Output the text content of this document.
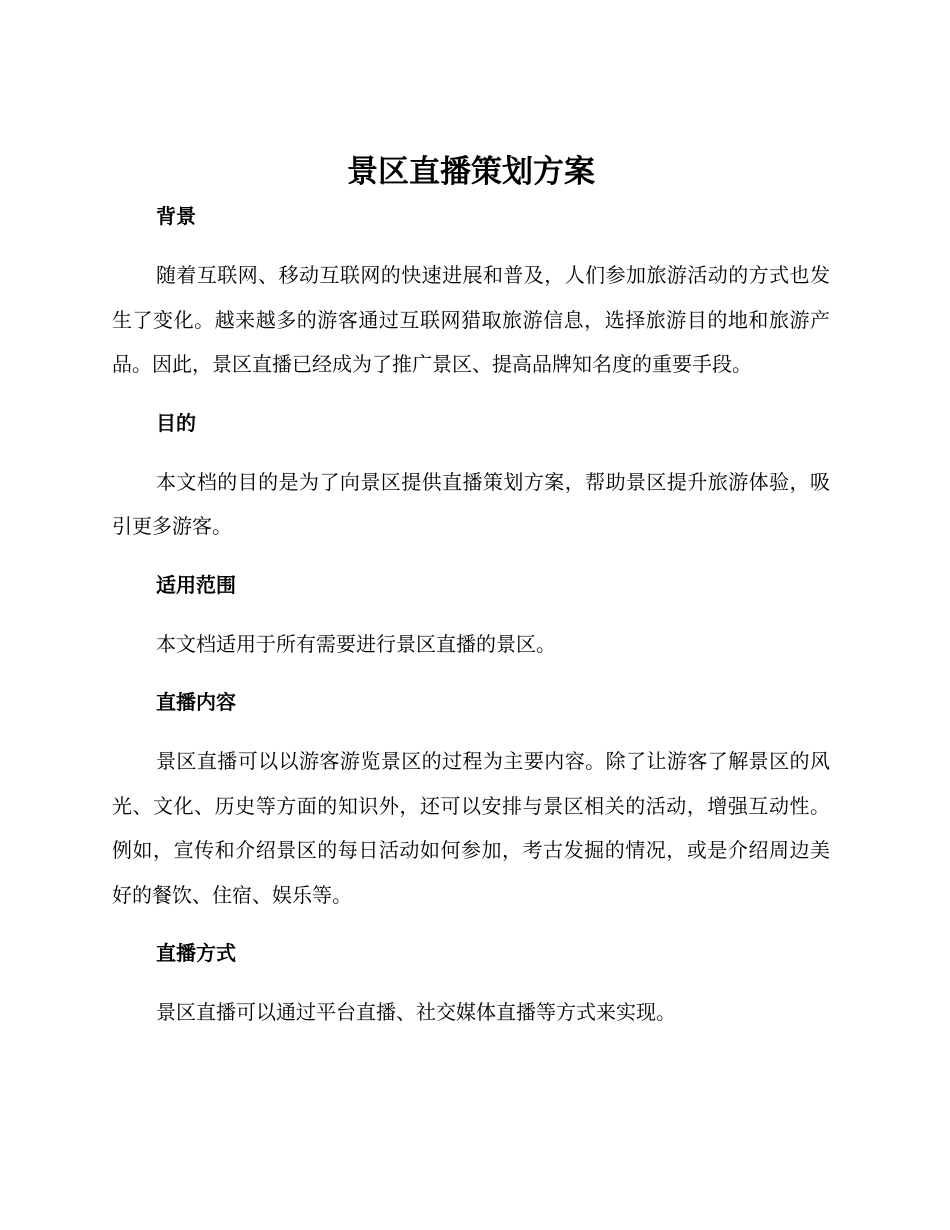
景区直播策划方案
背景

随着互联网、移动互联网的快速进展和普及，人们参加旅游活动的方式也发生了变化。越来越多的游客通过互联网猎取旅游信息，选择旅游目的地和旅游产品。因此，景区直播已经成为了推广景区、提高品牌知名度的重要手段。

目的

本文档的目的是为了向景区提供直播策划方案，帮助景区提升旅游体验，吸引更多游客。

适用范围

本文档适用于所有需要进行景区直播的景区。

直播内容

景区直播可以以游客游览景区的过程为主要内容。除了让游客了解景区的风光、文化、历史等方面的知识外，还可以安排与景区相关的活动，增强互动性。例如，宣传和介绍景区的每日活动如何参加，考古发掘的情况，或是介绍周边美好的餐饮、住宿、娱乐等。

直播方式

景区直播可以通过平台直播、社交媒体直播等方式来实现。
